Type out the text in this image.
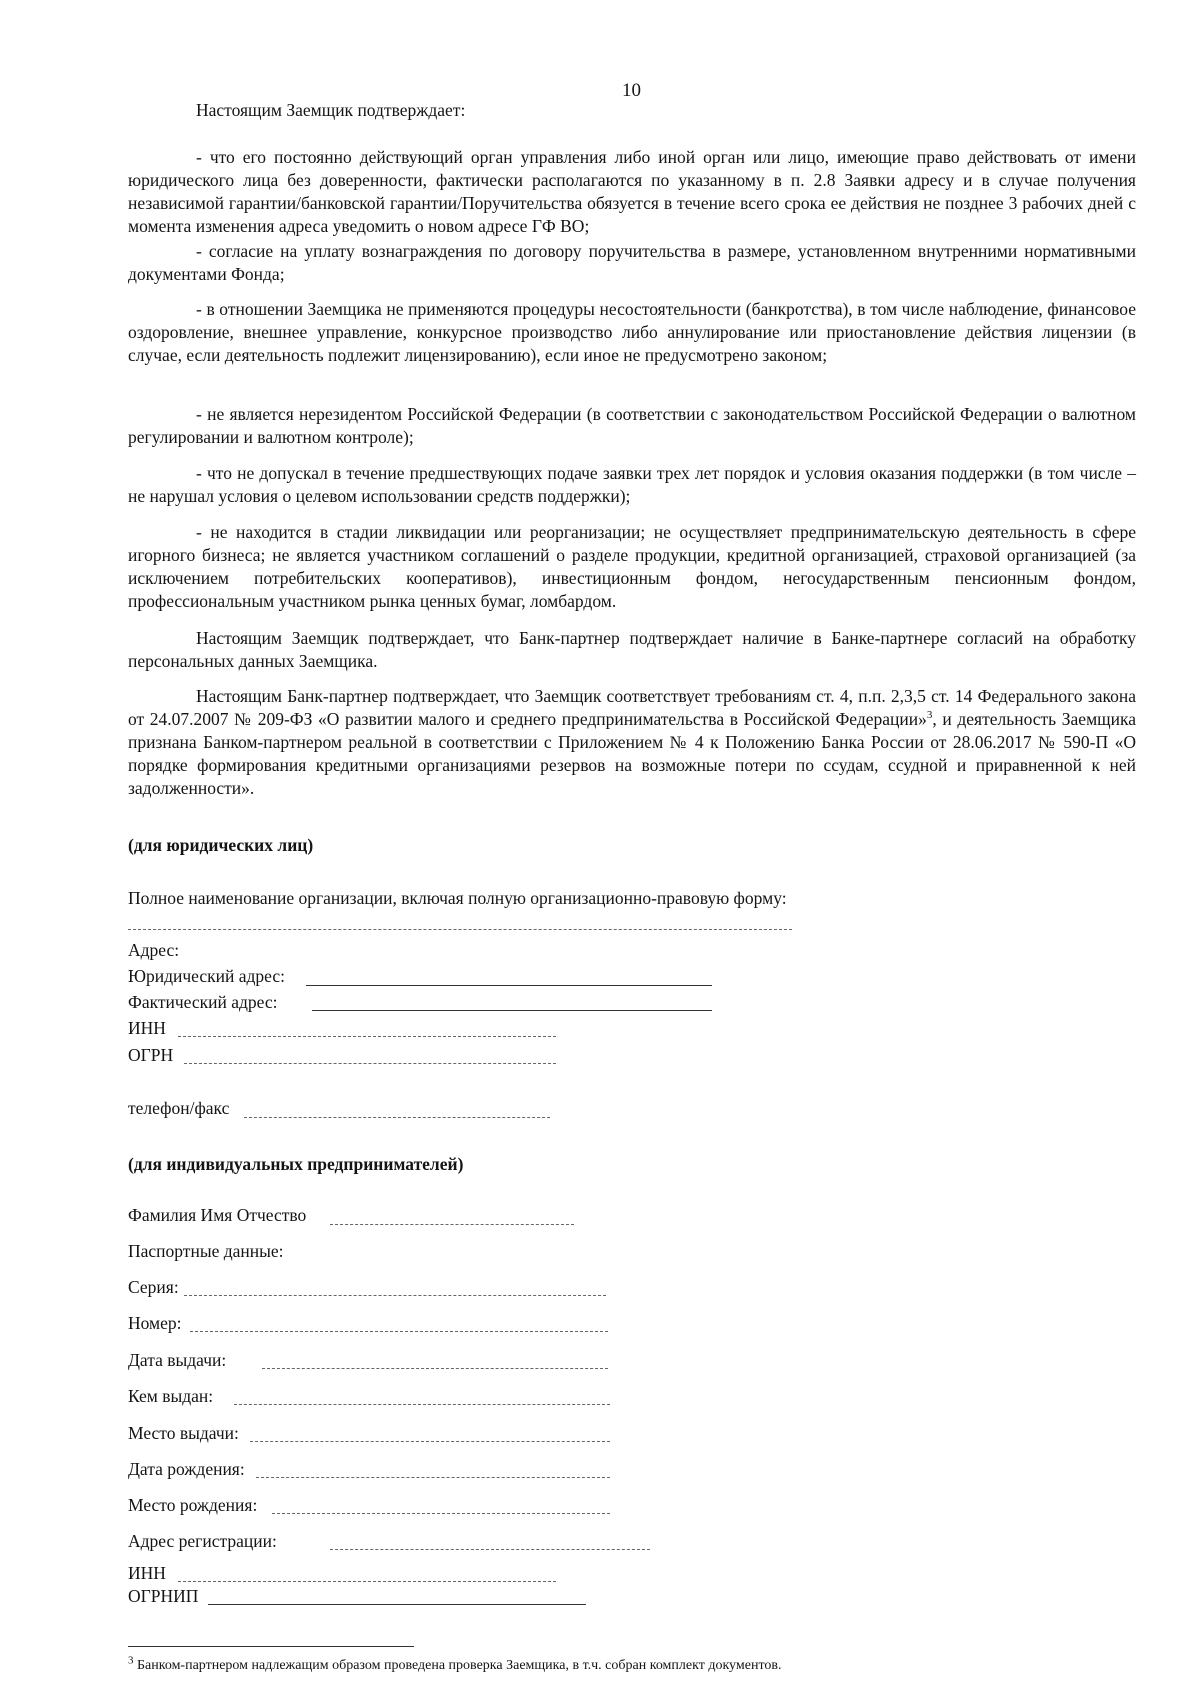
10
Настоящим Заемщик подтверждает:

- что его постоянно действующий орган управления либо иной орган или лицо, имеющие право действовать от имени юридического лица без доверенности, фактически располагаются по указанному в п. 2.8 Заявки адресу и в случае получения независимой гарантии/банковской гарантии/Поручительства обязуется в течение всего срока ее действия не позднее 3 рабочих дней с момента изменения адреса уведомить о новом адресе ГФ ВО;

- согласие на уплату вознаграждения по договору поручительства в размере, установленном внутренними нормативными документами Фонда;

- в отношении Заемщика не применяются процедуры несостоятельности (банкротства), в том числе наблюдение, финансовое оздоровление, внешнее управление, конкурсное производство либо аннулирование или приостановление действия лицензии (в случае, если деятельность подлежит лицензированию), если иное не предусмотрено законом;

- не является нерезидентом Российской Федерации (в соответствии с законодательством Российской Федерации о валютном регулировании и валютном контроле);

- что не допускал в течение предшествующих подаче заявки трех лет порядок и условия оказания поддержки (в том числе – не нарушал условия о целевом использовании средств поддержки);

- не находится в стадии ликвидации или реорганизации; не осуществляет предпринимательскую деятельность в сфере игорного бизнеса; не является участником соглашений о разделе продукции, кредитной организацией, страховой организацией (за исключением потребительских кооперативов), инвестиционным фондом, негосударственным пенсионным фондом, профессиональным участником рынка ценных бумаг, ломбардом.

Настоящим Заемщик подтверждает, что Банк-партнер подтверждает наличие в Банке-партнере согласий на обработку персональных данных Заемщика.

Настоящим Банк-партнер подтверждает, что Заемщик соответствует требованиям ст. 4, п.п. 2,3,5 ст. 14 Федерального закона от 24.07.2007 № 209-ФЗ «О развитии малого и среднего предпринимательства в Российской Федерации»$^3$, и деятельность Заемщика признана Банком-партнером реальной в соответствии с Приложением № 4 к Положению Банка России от 28.06.2017 № 590-П «О порядке формирования кредитными организациями резервов на возможные потери по ссудам, ссудной и приравненной к ней задолженности».

(для юридических лиц)
Полное наименование организации, включая полную организационно-правовую форму:
Адрес:
Юридический адрес:
Фактический адрес:
ИНН
ОГРН
телефон/факс
(для индивидуальных предпринимателей)
Фамилия Имя Отчество
Паспортные данные:
Серия:
Номер:
Дата выдачи:
Кем выдан:
Место выдачи:
Дата рождения:
Место рождения:
Адрес регистрации:
ИНН
ОГРНИП
$^3$ Банком-партнером надлежащим образом проведена проверка Заемщика, в т.ч. собран комплект документов.
